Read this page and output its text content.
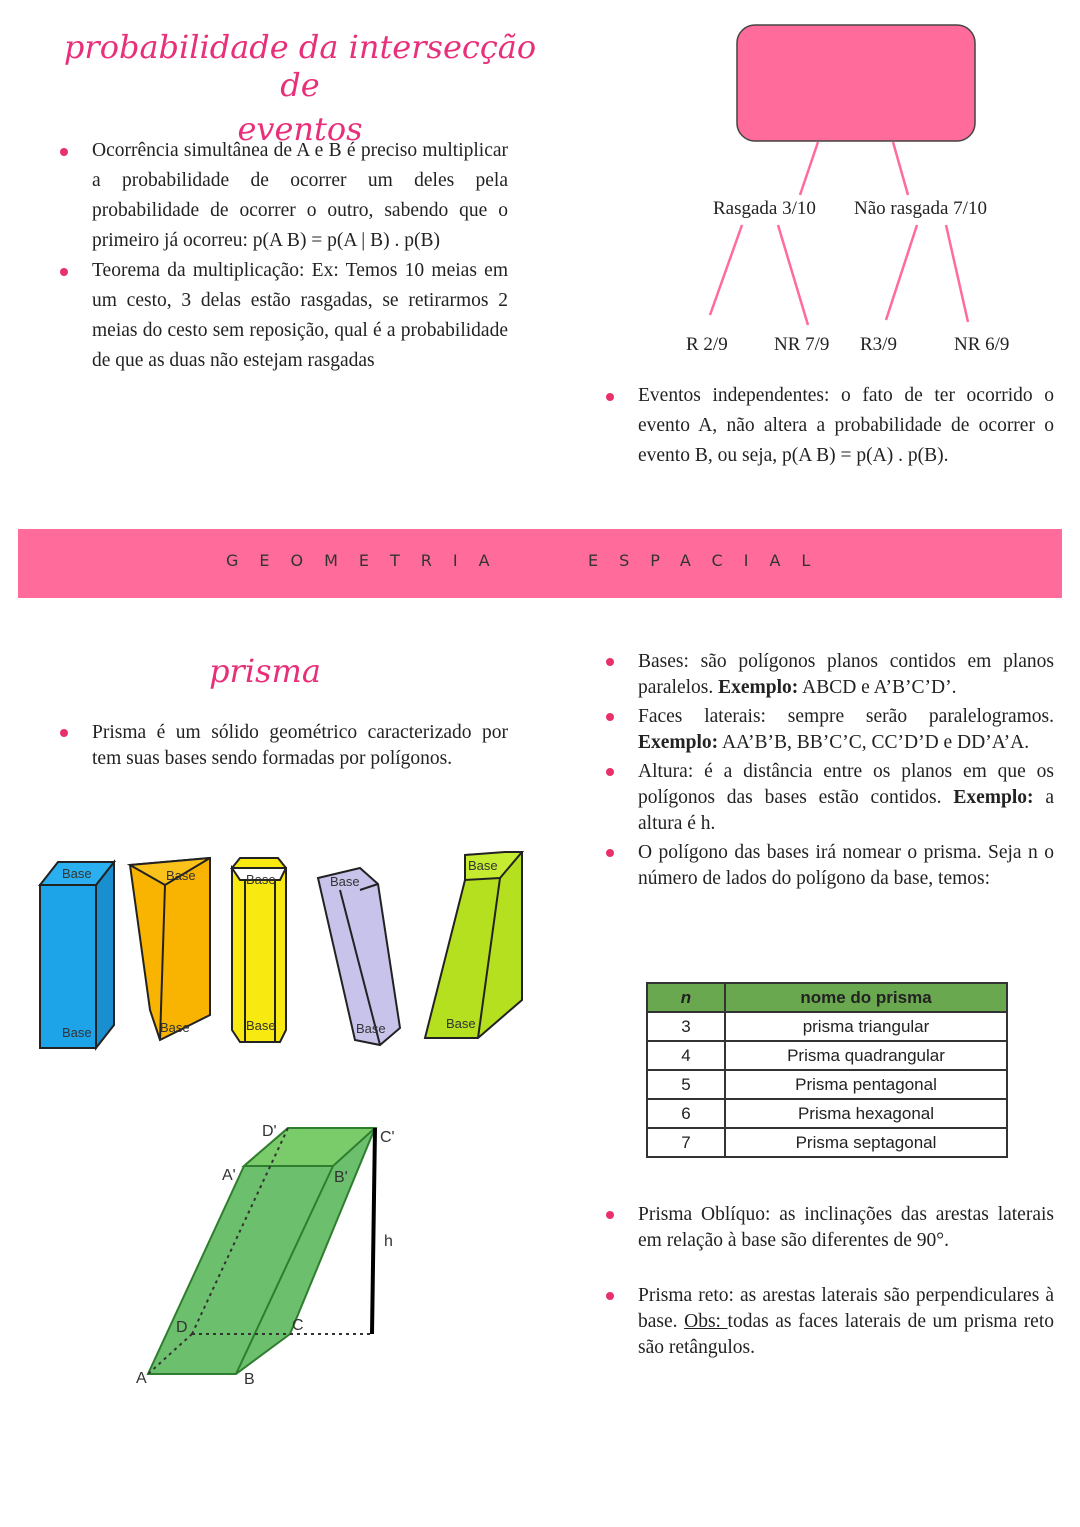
probabilidade da intersecção de
eventos
Ocorrência simultânea de A e B é preciso multiplicar a probabilidade de ocorrer um deles pela probabilidade de ocorrer o outro, sabendo que o primeiro já ocorreu: p(A B) = p(A | B) . p(B)
Teorema da multiplicação: Ex: Temos 10 meias em um cesto, 3 delas estão rasgadas, se retirarmos 2 meias do cesto sem reposição, qual é a probabilidade de que as duas não estejam rasgadas
Rasgada 3/10 Não rasgada 7/10
R 2/9 NR 7/9 R3/9	NR 6/9
Eventos independentes: o fato de ter ocorrido o evento A, não altera a probabilidade de ocorrer o evento B, ou seja, p(A B) = p(A) . p(B).
GEOMETRIA	ESPACIAL
prisma
Prisma é um sólido geométrico caracterizado por tem suas bases sendo formadas por polígonos.
Base
Base
Base
Base
Base
Base
Base
Base
Base
Base
A	B
C
D
A'	B'
C'
D'
h
Bases: são polígonos planos contidos em planos paralelos. Exemplo: ABCD e A’B’C’D’.
Faces laterais: sempre serão paralelogramos. Exemplo: AA’B’B, BB’C’C, CC’D’D e DD’A’A.
Altura: é a distância entre os planos em que os polígonos das bases estão contidos. Exemplo: a altura é h.
O polígono das bases irá nomear o prisma. Seja n o número de lados do polígono da base, temos:
n	nome do prisma
3	prisma triangular
4	Prisma quadrangular
5	Prisma pentagonal
6	Prisma hexagonal
7	Prisma septagonal
Prisma Oblíquo: as inclinações das arestas laterais em relação à base são diferentes de 90°.
Prisma reto: as arestas laterais são perpendiculares à base. Obs: todas as faces laterais de um prisma reto são retângulos.
